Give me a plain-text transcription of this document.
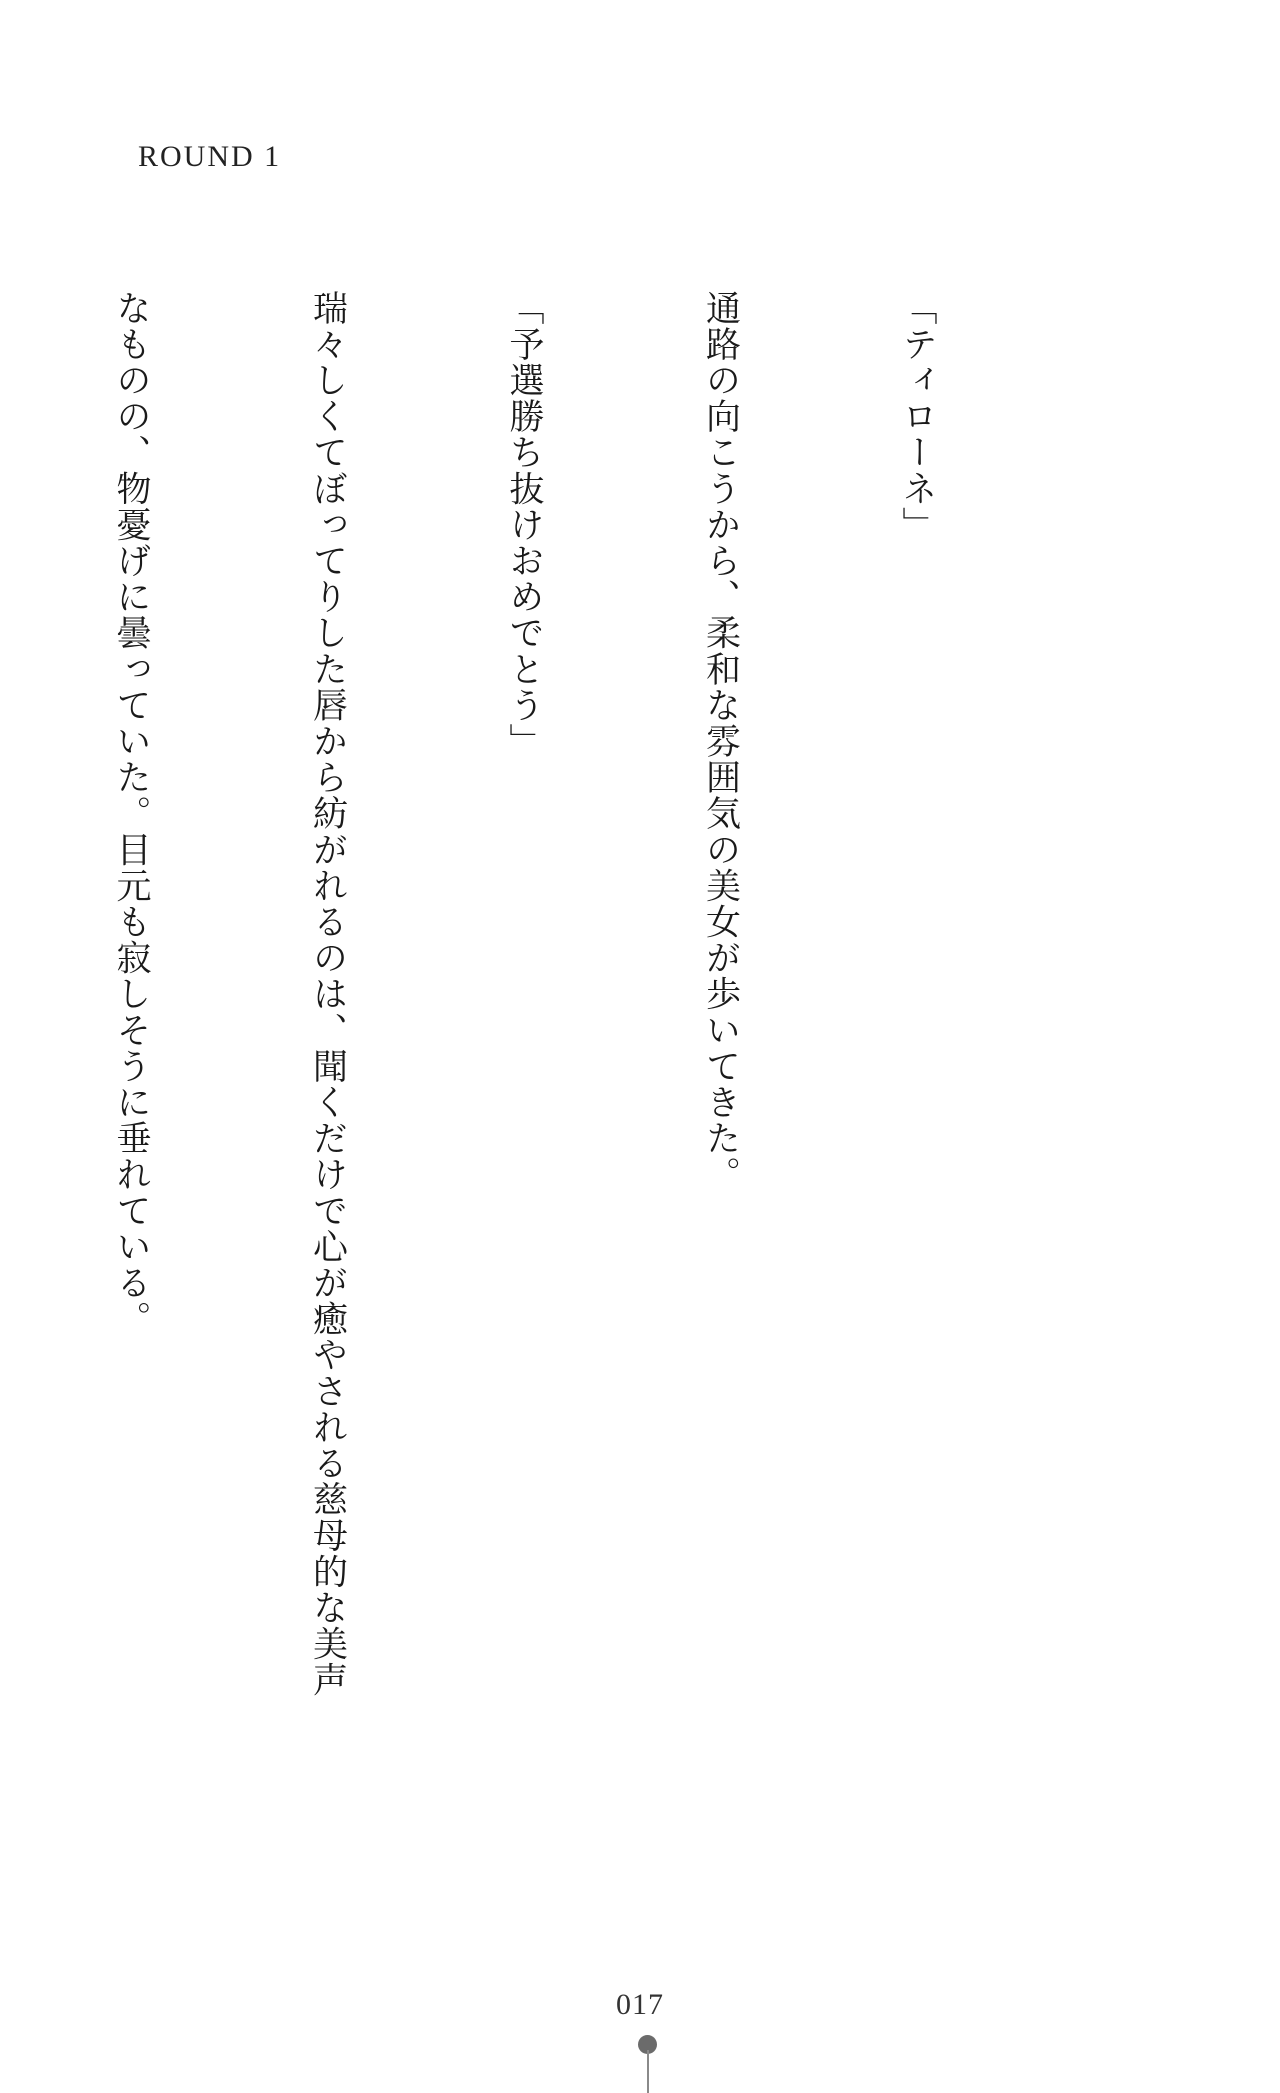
ROUND 1

「ティローネ」

通路の向こうから、柔和な雰囲気の美女が歩いてきた。

「予選勝ち抜けおめでとう」

瑞々しくてぼってりした唇から紡がれるのは、聞くだけで心が癒やされる慈母的な美声

なものの、物憂げに曇っていた。目元も寂しそうに垂れている。

017
